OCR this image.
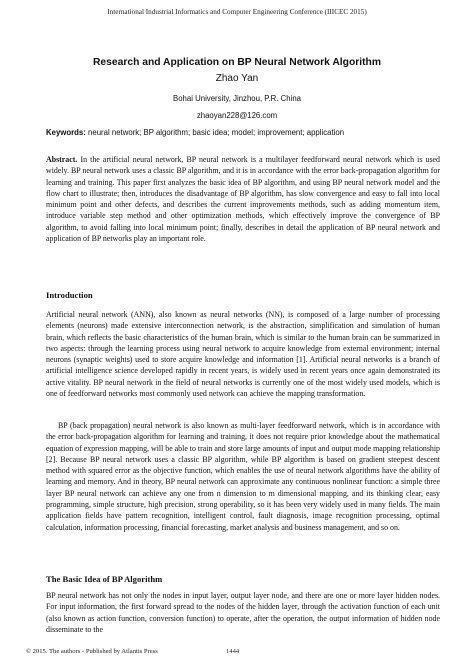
International Industrial Informatics and Computer Engineering Conference (IIICEC 2015)
Research and Application on BP Neural Network Algorithm
Zhao Yan
Bohai University, Jinzhou, P.R. China
zhaoyan228@126.com
Keywords: neural network; BP algorithm; basic idea; model; improvement; application

Abstract. In the artificial neural network, BP neural network is a multilayer feedforward neural network which is used widely. BP neural network uses a classic BP algorithm, and it is in accordance with the error back-propagation algorithm for learning and training. This paper first analyzes the basic idea of BP algorithm, and using BP neural network model and the flow chart to illustrate; then, introduces the disadvantage of BP algorithm, has slow convergence and easy to fall into local minimum point and other defects, and describes the current improvements methods, such as adding momentum item, introduce variable step method and other optimization methods, which effectively improve the convergence of BP algorithm, to avoid falling into local minimum point; finally, describes in detail the application of BP neural network and application of BP networks play an important role.

Introduction

Artificial neural network (ANN), also known as neural networks (NN), is composed of a large number of processing elements (neurons) made extensive interconnection network, is the abstraction, simplification and simulation of human brain, which reflects the basic characteristics of the human brain, which is similar to the human brain can be summarized in two aspects: through the learning process using neural network to acquire knowledge from external environment; internal neurons (synaptic weights) used to store acquire knowledge and information [1]. Artificial neural networks is a branch of artificial intelligence science developed rapidly in recent years, is widely used in recent years once again demonstrated its active vitality. BP neural network in the field of neural networks is currently one of the most widely used models, which is one of feedforward networks most commonly used network can achieve the mapping transformation.

BP (back propagation) neural network is also known as multi-layer feedforward network, which is in accordance with the error back-propagation algorithm for learning and training, it does not require prior knowledge about the mathematical equation of expression mapping, will be able to train and store large amounts of input and output mode mapping relationship [2]. Because BP neural network uses a classic BP algorithm, while BP algorithm is based on gradient steepest descent method with squared error as the objective function, which enables the use of neural network algorithms have the ability of learning and memory. And in theory, BP neural network can approximate any continuous nonlinear function: a simple three layer BP neural network can achieve any one from n dimension to m dimensional mapping, and its thinking clear, easy programming, simple structure, high precision, strong operability, so it has been very widely used in many fields. The main application fields have pattern recognition, intelligent control, fault diagnosis, image recognition processing, optimal calculation, information processing, financial forecasting, market analysis and business management, and so on.

The Basic Idea of BP Algorithm

BP neural network has not only the nodes in input layer, output layer node, and there are one or more layer hidden nodes. For input information, the first forward spread to the nodes of the hidden layer, through the activation function of each unit (also known as action function, conversion function) to operate, after the operation, the output information of hidden node disseminate to the

© 2015. The authors - Published by Atlantis Press	1444
